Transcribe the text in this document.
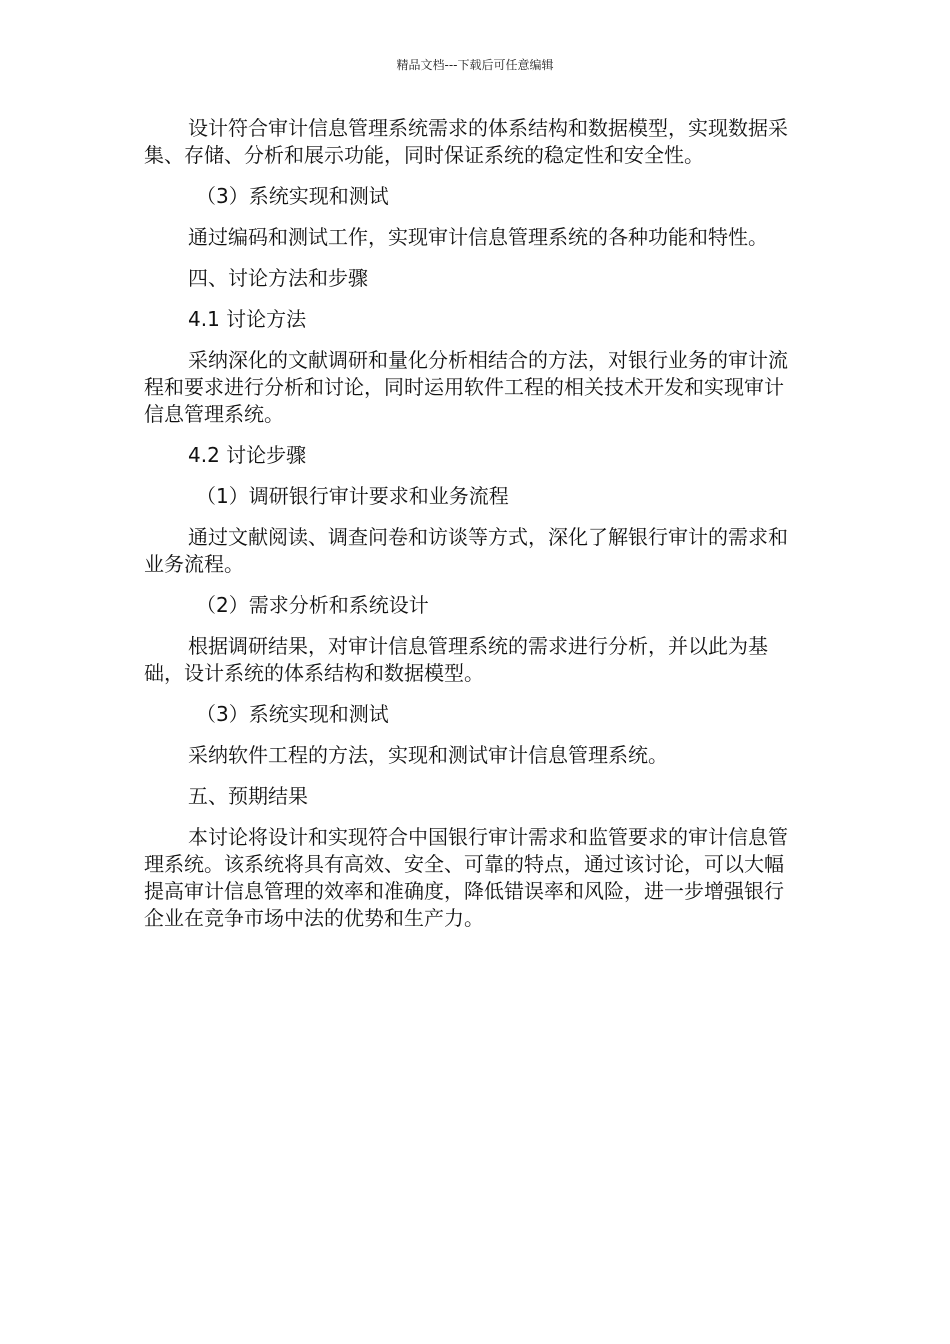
精品文档---下载后可任意编辑

设计符合审计信息管理系统需求的体系结构和数据模型，实现数据采集、存储、分析和展示功能，同时保证系统的稳定性和安全性。

（3）系统实现和测试

通过编码和测试工作，实现审计信息管理系统的各种功能和特性。

四、讨论方法和步骤

4.1 讨论方法

采纳深化的文献调研和量化分析相结合的方法，对银行业务的审计流程和要求进行分析和讨论，同时运用软件工程的相关技术开发和实现审计信息管理系统。

4.2 讨论步骤

（1）调研银行审计要求和业务流程

通过文献阅读、调查问卷和访谈等方式，深化了解银行审计的需求和业务流程。

（2）需求分析和系统设计

根据调研结果，对审计信息管理系统的需求进行分析，并以此为基础，设计系统的体系结构和数据模型。

（3）系统实现和测试

采纳软件工程的方法，实现和测试审计信息管理系统。

五、预期结果

本讨论将设计和实现符合中国银行审计需求和监管要求的审计信息管理系统。该系统将具有高效、安全、可靠的特点，通过该讨论，可以大幅提高审计信息管理的效率和准确度，降低错误率和风险，进一步增强银行企业在竞争市场中法的优势和生产力。
